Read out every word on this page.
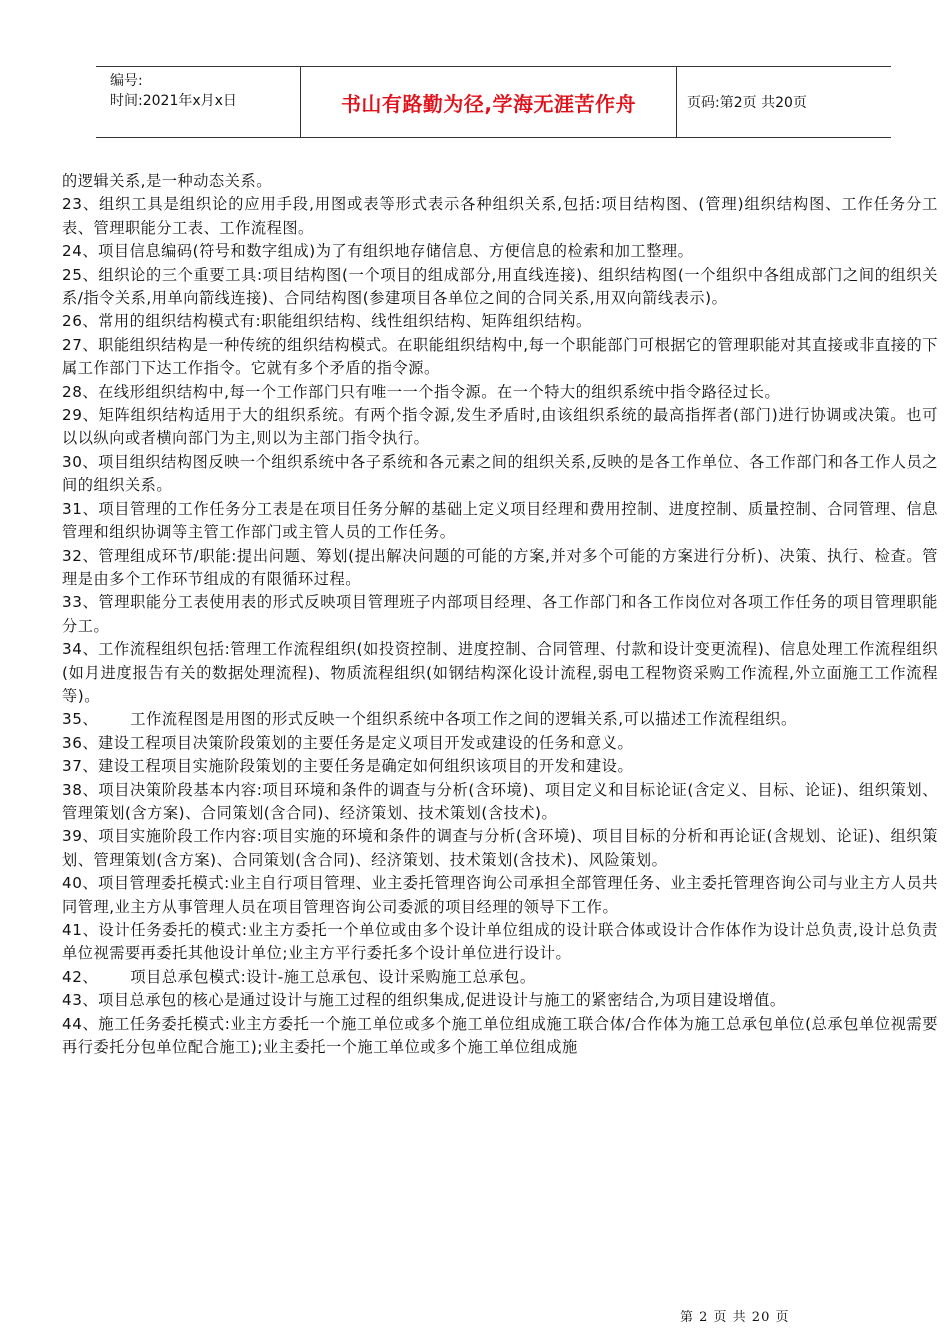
编号:
时间:2021年x月x日	书山有路勤为径,学海无涯苦作舟	页码:第2页 共20页

的逻辑关系,是一种动态关系。

23、组织工具是组织论的应用手段,用图或表等形式表示各种组织关系,包括:项目结构图、(管理)组织结构图、工作任务分工表、管理职能分工表、工作流程图。

24、项目信息编码(符号和数字组成)为了有组织地存储信息、方便信息的检索和加工整理。

25、组织论的三个重要工具:项目结构图(一个项目的组成部分,用直线连接)、组织结构图(一个组织中各组成部门之间的组织关系/指令关系,用单向箭线连接)、合同结构图(参建项目各单位之间的合同关系,用双向箭线表示)。

26、常用的组织结构模式有:职能组织结构、线性组织结构、矩阵组织结构。

27、职能组织结构是一种传统的组织结构模式。在职能组织结构中,每一个职能部门可根据它的管理职能对其直接或非直接的下属工作部门下达工作指令。它就有多个矛盾的指令源。

28、在线形组织结构中,每一个工作部门只有唯一一个指令源。在一个特大的组织系统中指令路径过长。

29、矩阵组织结构适用于大的组织系统。有两个指令源,发生矛盾时,由该组织系统的最高指挥者(部门)进行协调或决策。也可以以纵向或者横向部门为主,则以为主部门指令执行。

30、项目组织结构图反映一个组织系统中各子系统和各元素之间的组织关系,反映的是各工作单位、各工作部门和各工作人员之间的组织关系。

31、项目管理的工作任务分工表是在项目任务分解的基础上定义项目经理和费用控制、进度控制、质量控制、合同管理、信息管理和组织协调等主管工作部门或主管人员的工作任务。

32、管理组成环节/职能:提出问题、筹划(提出解决问题的可能的方案,并对多个可能的方案进行分析)、决策、执行、检查。管理是由多个工作环节组成的有限循环过程。

33、管理职能分工表使用表的形式反映项目管理班子内部项目经理、各工作部门和各工作岗位对各项工作任务的项目管理职能分工。

34、工作流程组织包括:管理工作流程组织(如投资控制、进度控制、合同管理、付款和设计变更流程)、信息处理工作流程组织(如月进度报告有关的数据处理流程)、物质流程组织(如钢结构深化设计流程,弱电工程物资采购工作流程,外立面施工工作流程等)。

35、      工作流程图是用图的形式反映一个组织系统中各项工作之间的逻辑关系,可以描述工作流程组织。

36、建设工程项目决策阶段策划的主要任务是定义项目开发或建设的任务和意义。

37、建设工程项目实施阶段策划的主要任务是确定如何组织该项目的开发和建设。

38、项目决策阶段基本内容:项目环境和条件的调查与分析(含环境)、项目定义和目标论证(含定义、目标、论证)、组织策划、管理策划(含方案)、合同策划(含合同)、经济策划、技术策划(含技术)。

39、项目实施阶段工作内容:项目实施的环境和条件的调查与分析(含环境)、项目目标的分析和再论证(含规划、论证)、组织策划、管理策划(含方案)、合同策划(含合同)、经济策划、技术策划(含技术)、风险策划。

40、项目管理委托模式:业主自行项目管理、业主委托管理咨询公司承担全部管理任务、业主委托管理咨询公司与业主方人员共同管理,业主方从事管理人员在项目管理咨询公司委派的项目经理的领导下工作。

41、设计任务委托的模式:业主方委托一个单位或由多个设计单位组成的设计联合体或设计合作体作为设计总负责,设计总负责单位视需要再委托其他设计单位;业主方平行委托多个设计单位进行设计。

42、      项目总承包模式:设计-施工总承包、设计采购施工总承包。

43、项目总承包的核心是通过设计与施工过程的组织集成,促进设计与施工的紧密结合,为项目建设增值。

44、施工任务委托模式:业主方委托一个施工单位或多个施工单位组成施工联合体/合作体为施工总承包单位(总承包单位视需要再行委托分包单位配合施工);业主委托一个施工单位或多个施工单位组成施

第 2 页 共 20 页
